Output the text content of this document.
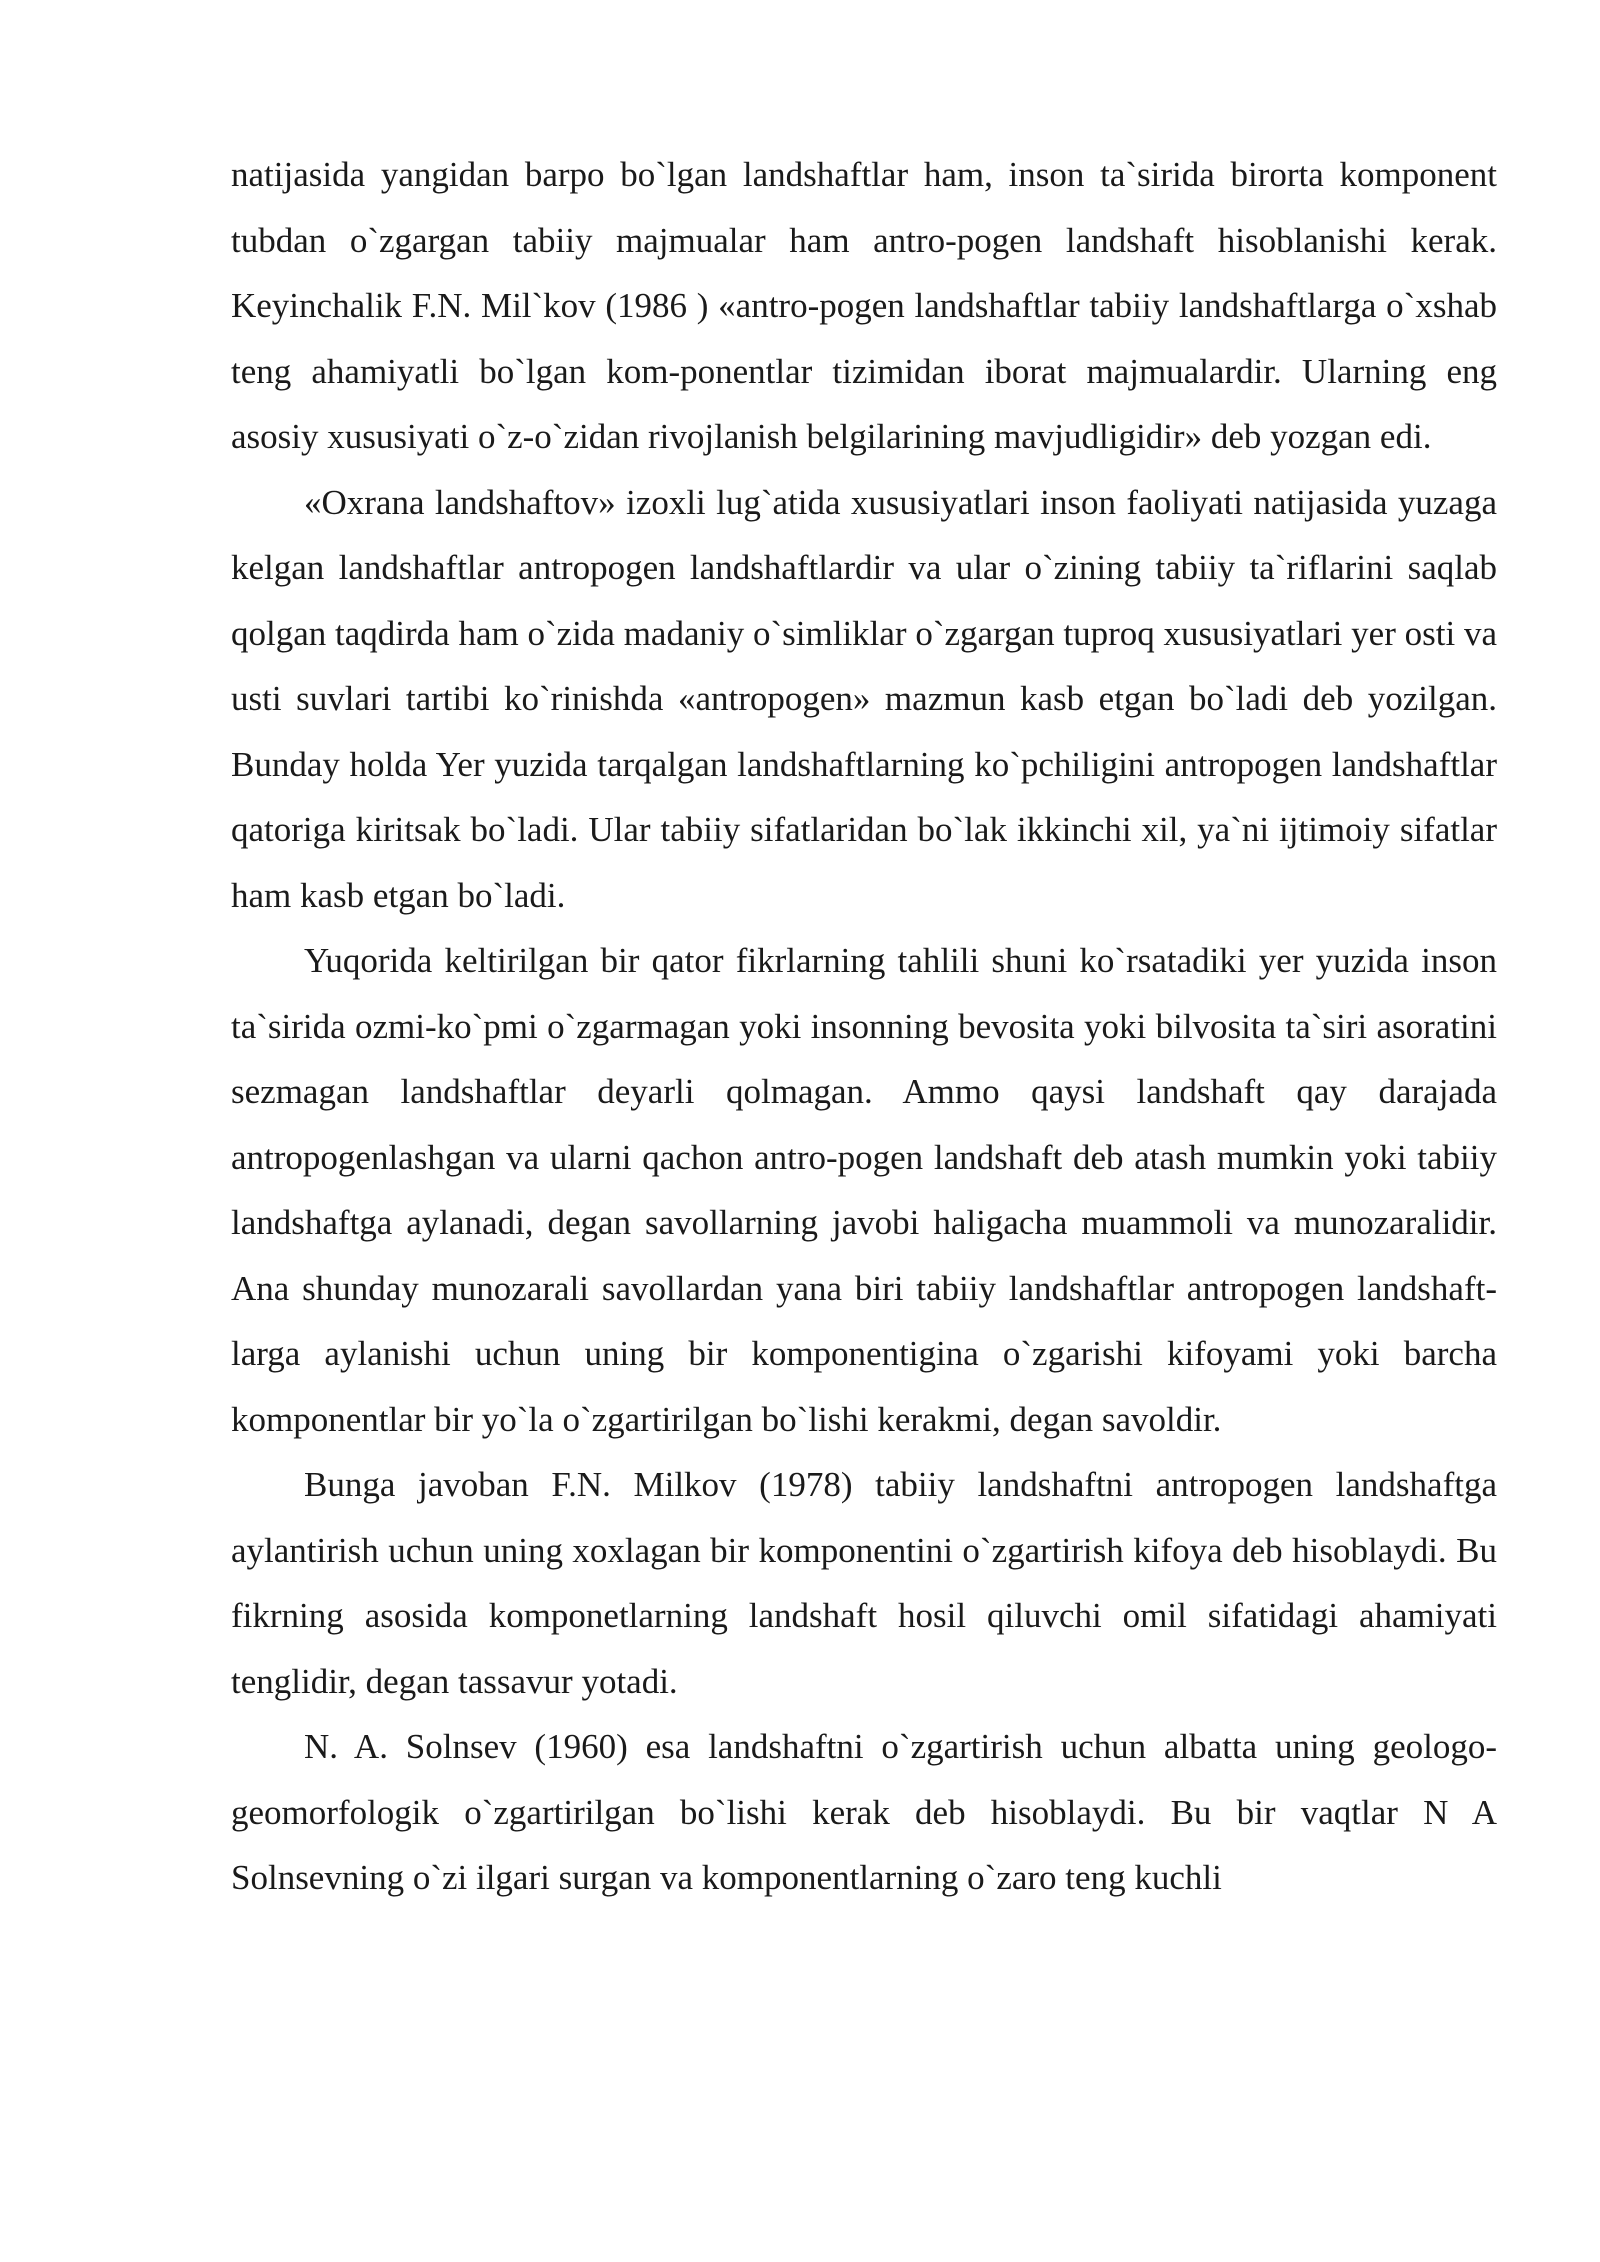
natijasida yangidan barpo bo`lgan landshaftlar ham, inson ta`sirida birorta komponent tubdan o`zgargan tabiiy majmualar ham antro-pogen landshaft hisoblanishi kerak. Keyinchalik F.N. Mil`kov (1986 ) «antro-pogen landshaftlar tabiiy landshaftlarga o`xshab teng ahamiyatli bo`lgan kom-ponentlar tizimidan iborat majmualardir. Ularning eng asosiy xususiyati o`z-o`zidan rivojlanish belgilarining mavjudligidir» deb yozgan edi.

«Oxrana landshaftov» izoxli lug`atida xususiyatlari inson faoliyati natijasida yuzaga kelgan landshaftlar antropogen landshaftlardir va ular o`zining tabiiy ta`riflarini saqlab qolgan taqdirda ham o`zida madaniy o`simliklar o`zgargan tuproq xususiyatlari yer osti va usti suvlari tartibi ko`rinishda «antropogen» mazmun kasb etgan bo`ladi deb yozilgan. Bunday holda Yer yuzida tarqalgan landshaftlarning ko`pchiligini antropogen landshaftlar qatoriga kiritsak bo`ladi. Ular tabiiy sifatlaridan bo`lak ikkinchi xil, ya`ni ijtimoiy sifatlar ham kasb etgan bo`ladi.

Yuqorida keltirilgan bir qator fikrlarning tahlili shuni ko`rsatadiki yer yuzida inson ta`sirida ozmi-ko`pmi o`zgarmagan yoki insonning bevosita yoki bilvosita ta`siri asoratini sezmagan landshaftlar deyarli qolmagan. Ammo qaysi landshaft qay darajada antropogenlashgan va ularni qachon antro-pogen landshaft deb atash mumkin yoki tabiiy landshaftga aylanadi, degan savollarning javobi haligacha muammoli va munozaralidir. Ana shunday munozarali savollardan yana biri tabiiy landshaftlar antropogen landshaft-larga aylanishi uchun uning bir komponentigina o`zgarishi kifoyami yoki barcha komponentlar bir yo`la o`zgartirilgan bo`lishi kerakmi, degan savoldir.

Bunga javoban F.N. Milkov (1978) tabiiy landshaftni antropogen landshaftga aylantirish uchun uning xoxlagan bir komponentini o`zgartirish kifoya deb hisoblaydi. Bu fikrning asosida komponetlarning landshaft hosil qiluvchi omil sifatidagi ahamiyati tenglidir, degan tassavur yotadi.

N. A. Solnsev (1960) esa landshaftni o`zgartirish uchun albatta uning geologo-geomorfologik o`zgartirilgan bo`lishi kerak deb hisoblaydi. Bu bir vaqtlar N A Solnsevning o`zi ilgari surgan va komponentlarning o`zaro teng kuchli
